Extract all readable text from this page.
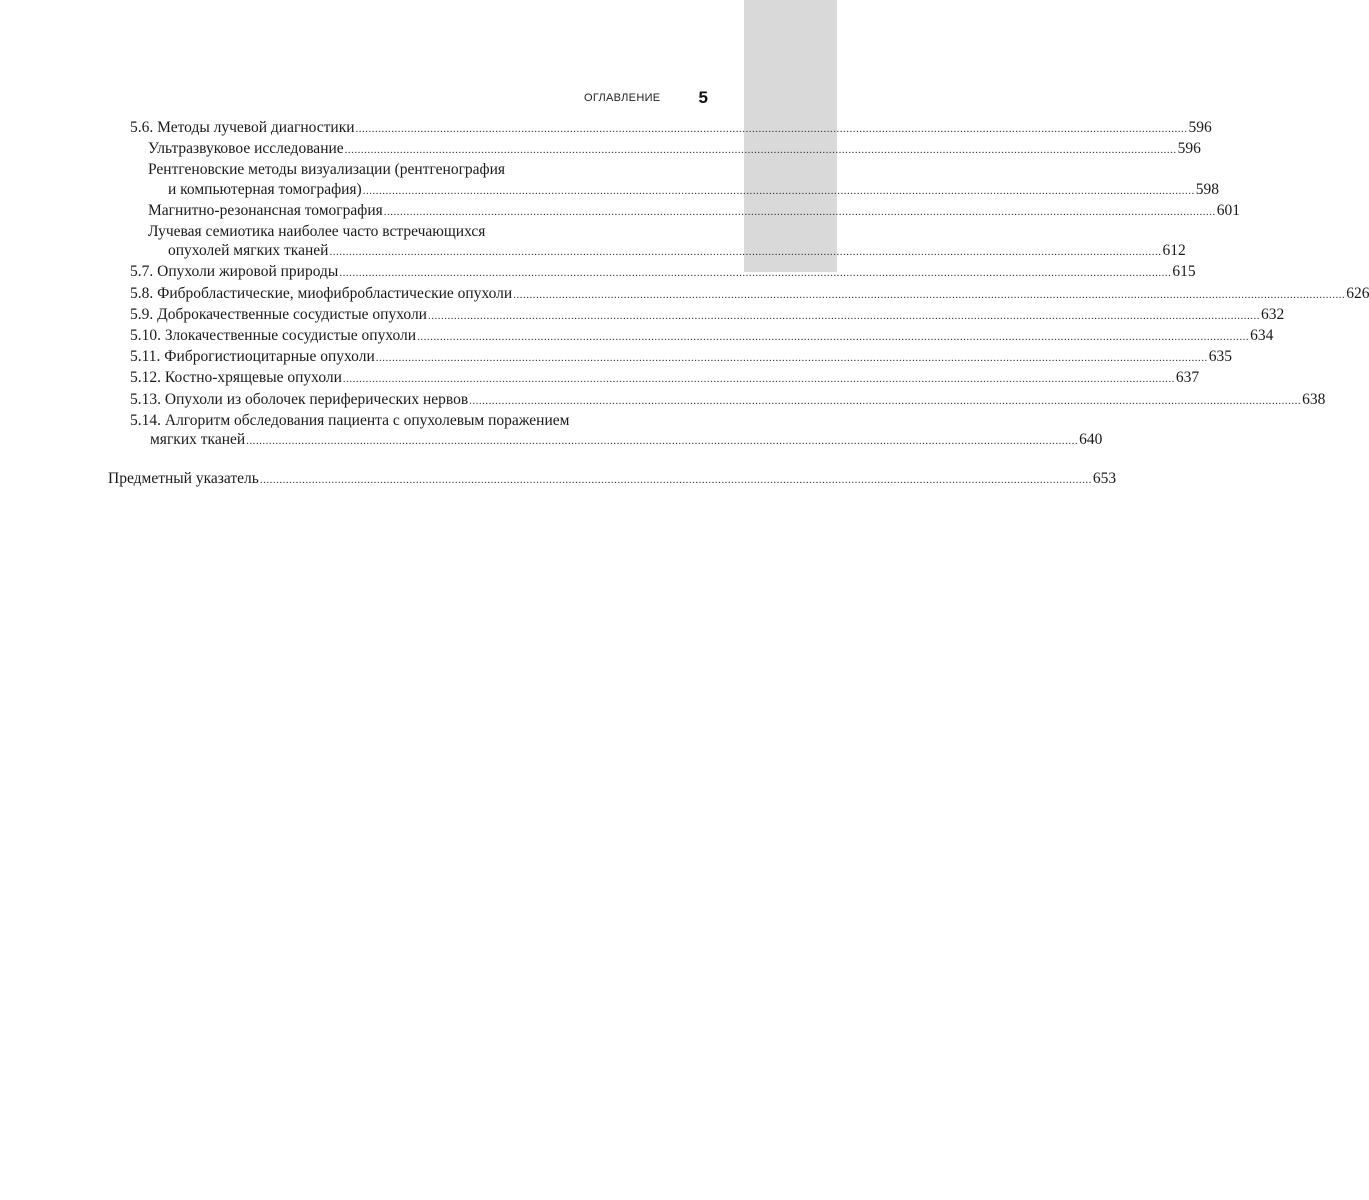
ОГЛАВЛЕНИЕ 5
5.6. Методы лучевой диагностики ................................................................................................................................................................................................................................................................ 596
Ультразвуковое исследование ................................................................................................................................................................................................................................................................ 596
Рентгеновские методы визуализации (рентгенография
и компьютерная томография) ................................................................................................................................................................................................................................................................ 598
Магнитно-резонансная томография ................................................................................................................................................................................................................................................................ 601
Лучевая семиотика наиболее часто встречающихся
опухолей мягких тканей ................................................................................................................................................................................................................................................................ 612
5.7. Опухоли жировой природы ................................................................................................................................................................................................................................................................ 615
5.8. Фибробластические, миофибробластические опухоли ................................................................................................................................................................................................................................................................ 626
5.9. Доброкачественные сосудистые опухоли ................................................................................................................................................................................................................................................................ 632
5.10. Злокачественные сосудистые опухоли ................................................................................................................................................................................................................................................................ 634
5.11. Фиброгистиоцитарные опухоли ................................................................................................................................................................................................................................................................ 635
5.12. Костно-хрящевые опухоли ................................................................................................................................................................................................................................................................ 637
5.13. Опухоли из оболочек периферических нервов ................................................................................................................................................................................................................................................................ 638
5.14. Алгоритм обследования пациента с опухолевым поражением
мягких тканей ................................................................................................................................................................................................................................................................ 640
Предметный указатель ................................................................................................................................................................................................................................................................ 653
